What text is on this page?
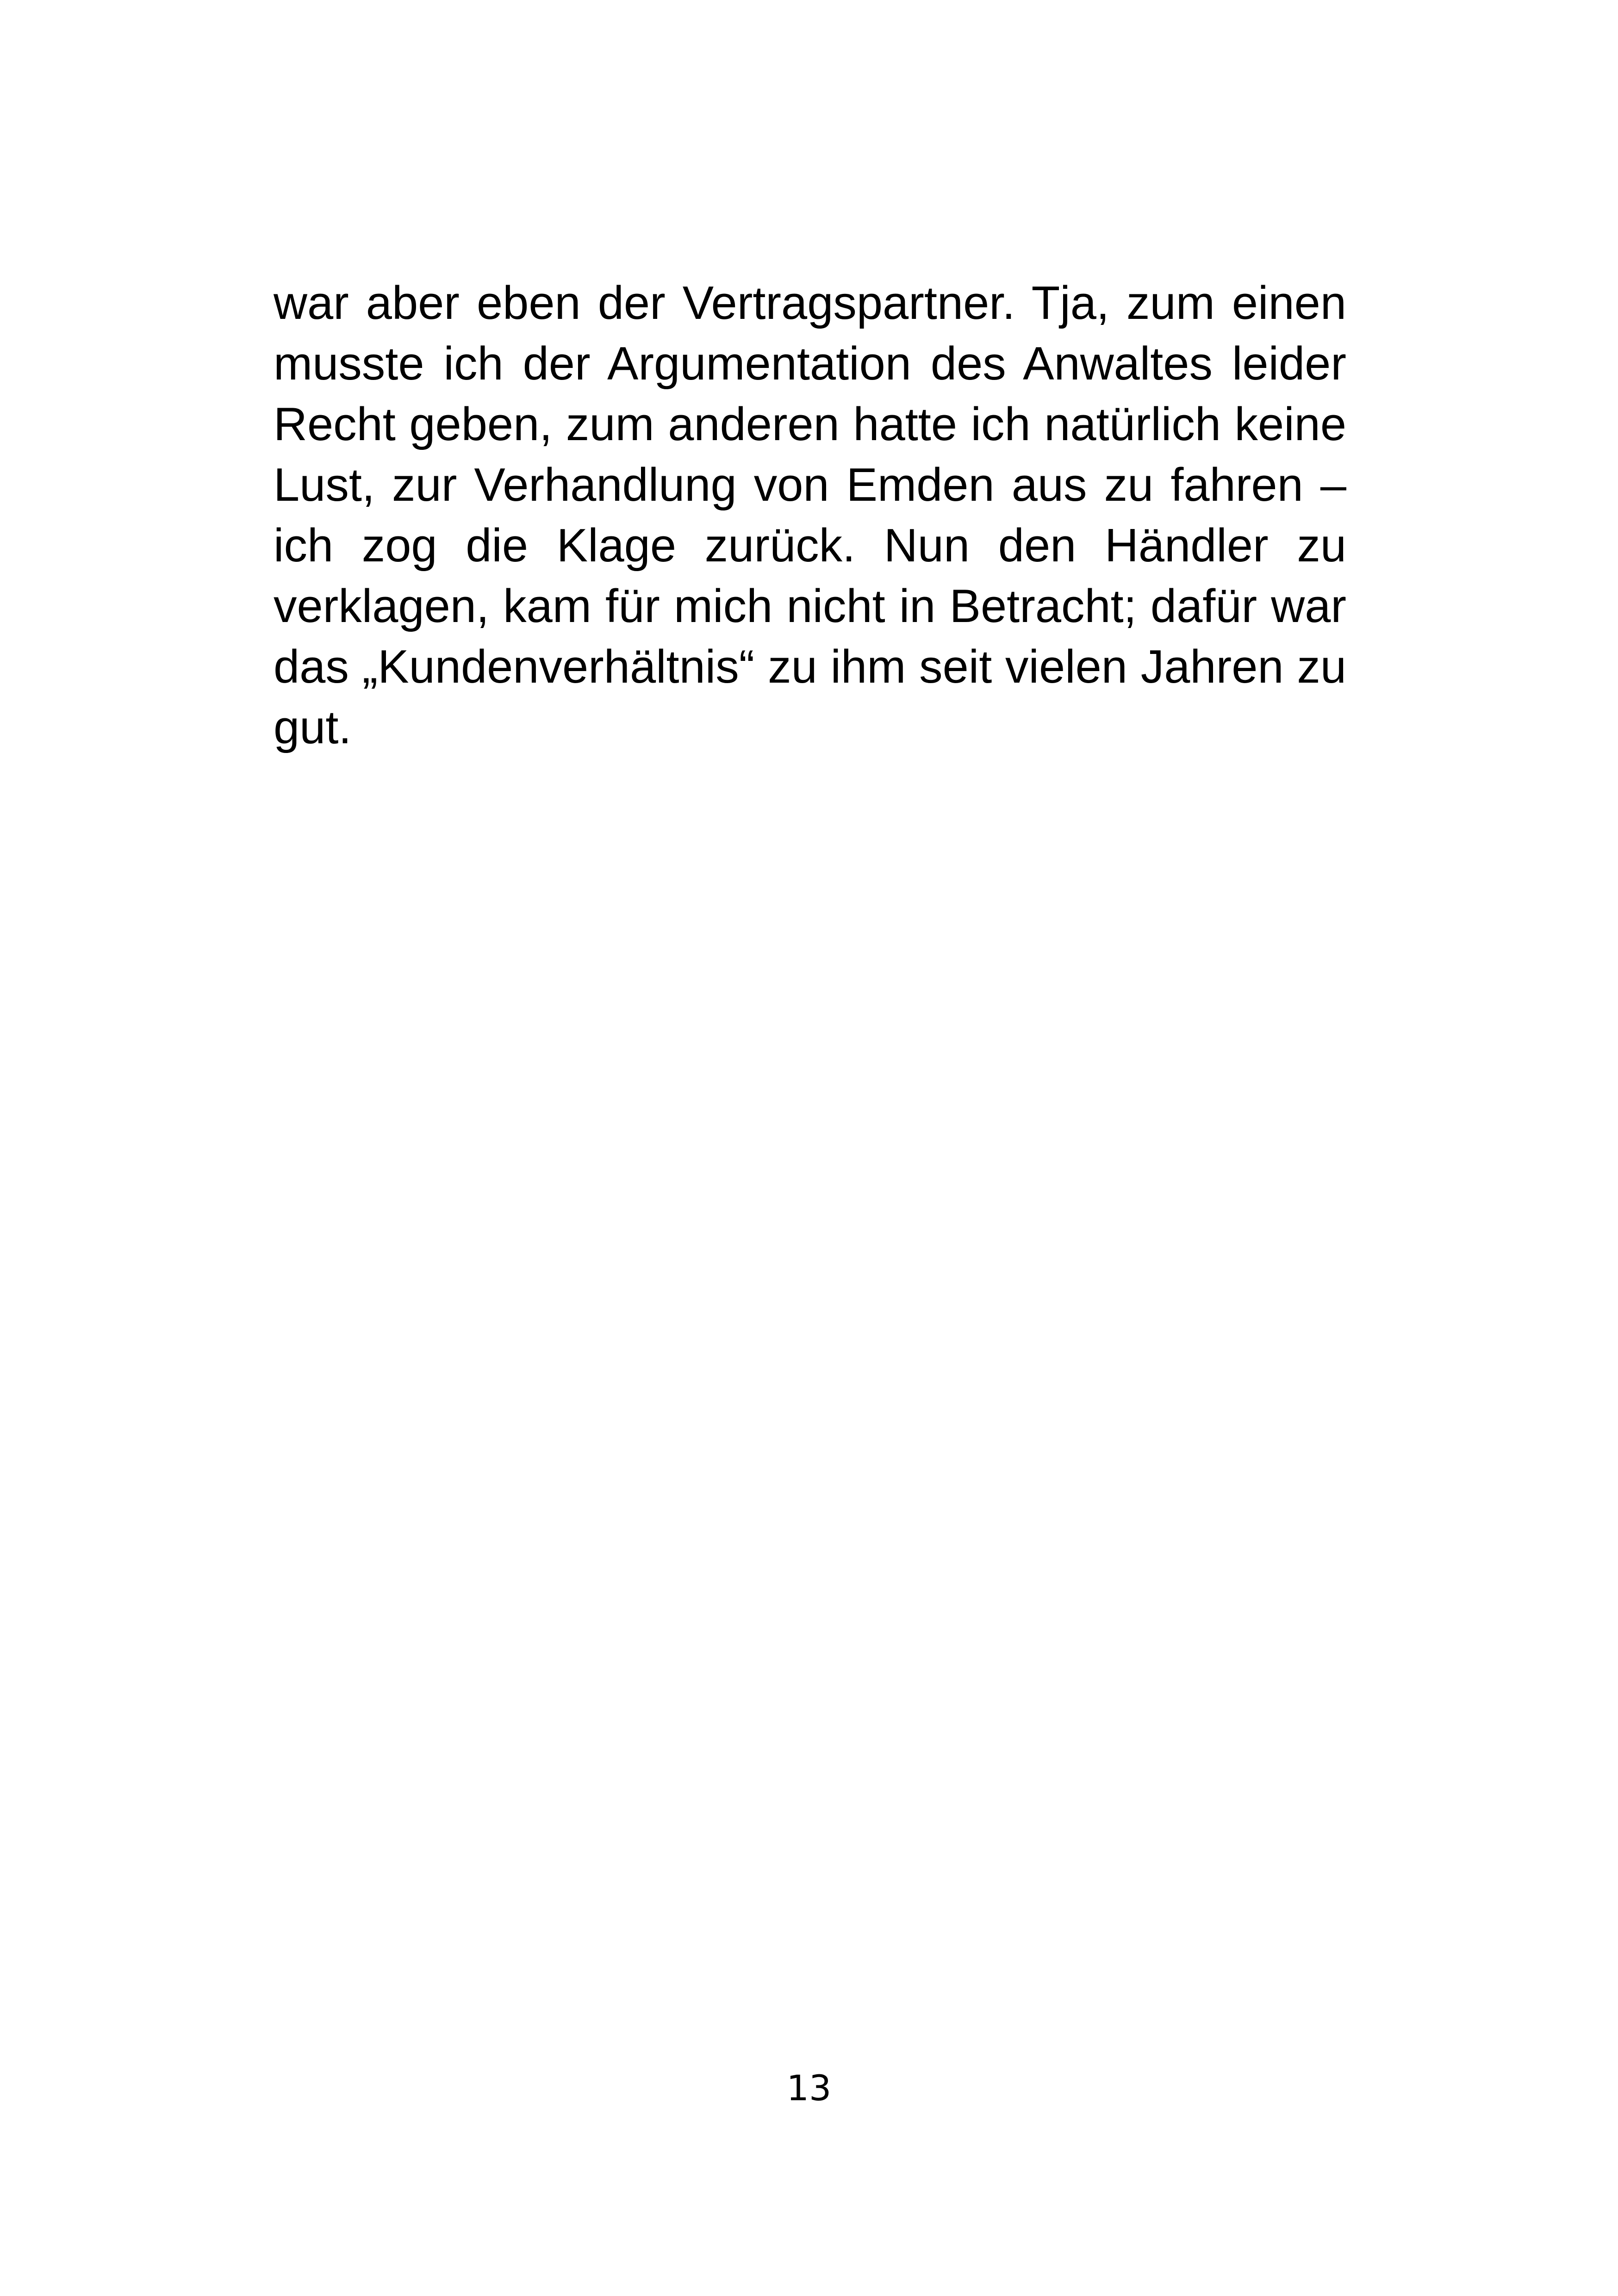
war aber eben der Vertragspartner. Tja, zum einen
musste ich der Argumentation des Anwaltes leider
Recht geben, zum anderen hatte ich natürlich keine
Lust, zur Verhandlung von Emden aus zu fahren –
ich zog die Klage zurück. Nun den Händler zu
verklagen, kam für mich nicht in Betracht; dafür war
das „Kundenverhältnis“ zu ihm seit vielen Jahren zu
gut.
13
